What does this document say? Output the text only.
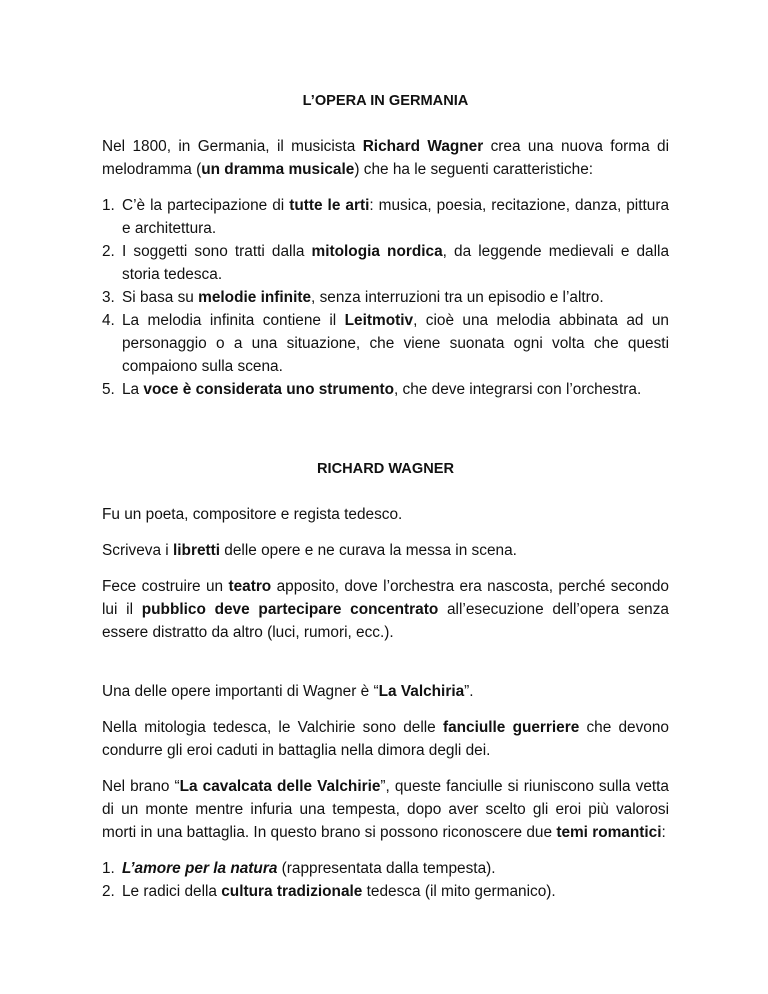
L’OPERA IN GERMANIA

Nel 1800, in Germania, il musicista Richard Wagner crea una nuova forma di melodramma (un dramma musicale) che ha le seguenti caratteristiche:

1. C’è la partecipazione di tutte le arti: musica, poesia, recitazione, danza, pittura e architettura.
2. I soggetti sono tratti dalla mitologia nordica, da leggende medievali e dalla storia tedesca.
3. Si basa su melodie infinite, senza interruzioni tra un episodio e l’altro.
4. La melodia infinita contiene il Leitmotiv, cioè una melodia abbinata ad un personaggio o a una situazione, che viene suonata ogni volta che questi compaiono sulla scena.
5. La voce è considerata uno strumento, che deve integrarsi con l’orchestra.

RICHARD WAGNER

Fu un poeta, compositore e regista tedesco.

Scriveva i libretti delle opere e ne curava la messa in scena.

Fece costruire un teatro apposito, dove l’orchestra era nascosta, perché secondo lui il pubblico deve partecipare concentrato all’esecuzione dell’opera senza essere distratto da altro (luci, rumori, ecc.).

Una delle opere importanti di Wagner è “La Valchiria”.

Nella mitologia tedesca, le Valchirie sono delle fanciulle guerriere che devono condurre gli eroi caduti in battaglia nella dimora degli dei.

Nel brano “La cavalcata delle Valchirie”, queste fanciulle si riuniscono sulla vetta di un monte mentre infuria una tempesta, dopo aver scelto gli eroi più valorosi morti in una battaglia. In questo brano si possono riconoscere due temi romantici:

1. L’amore per la natura (rappresentata dalla tempesta).
2. Le radici della cultura tradizionale tedesca (il mito germanico).
